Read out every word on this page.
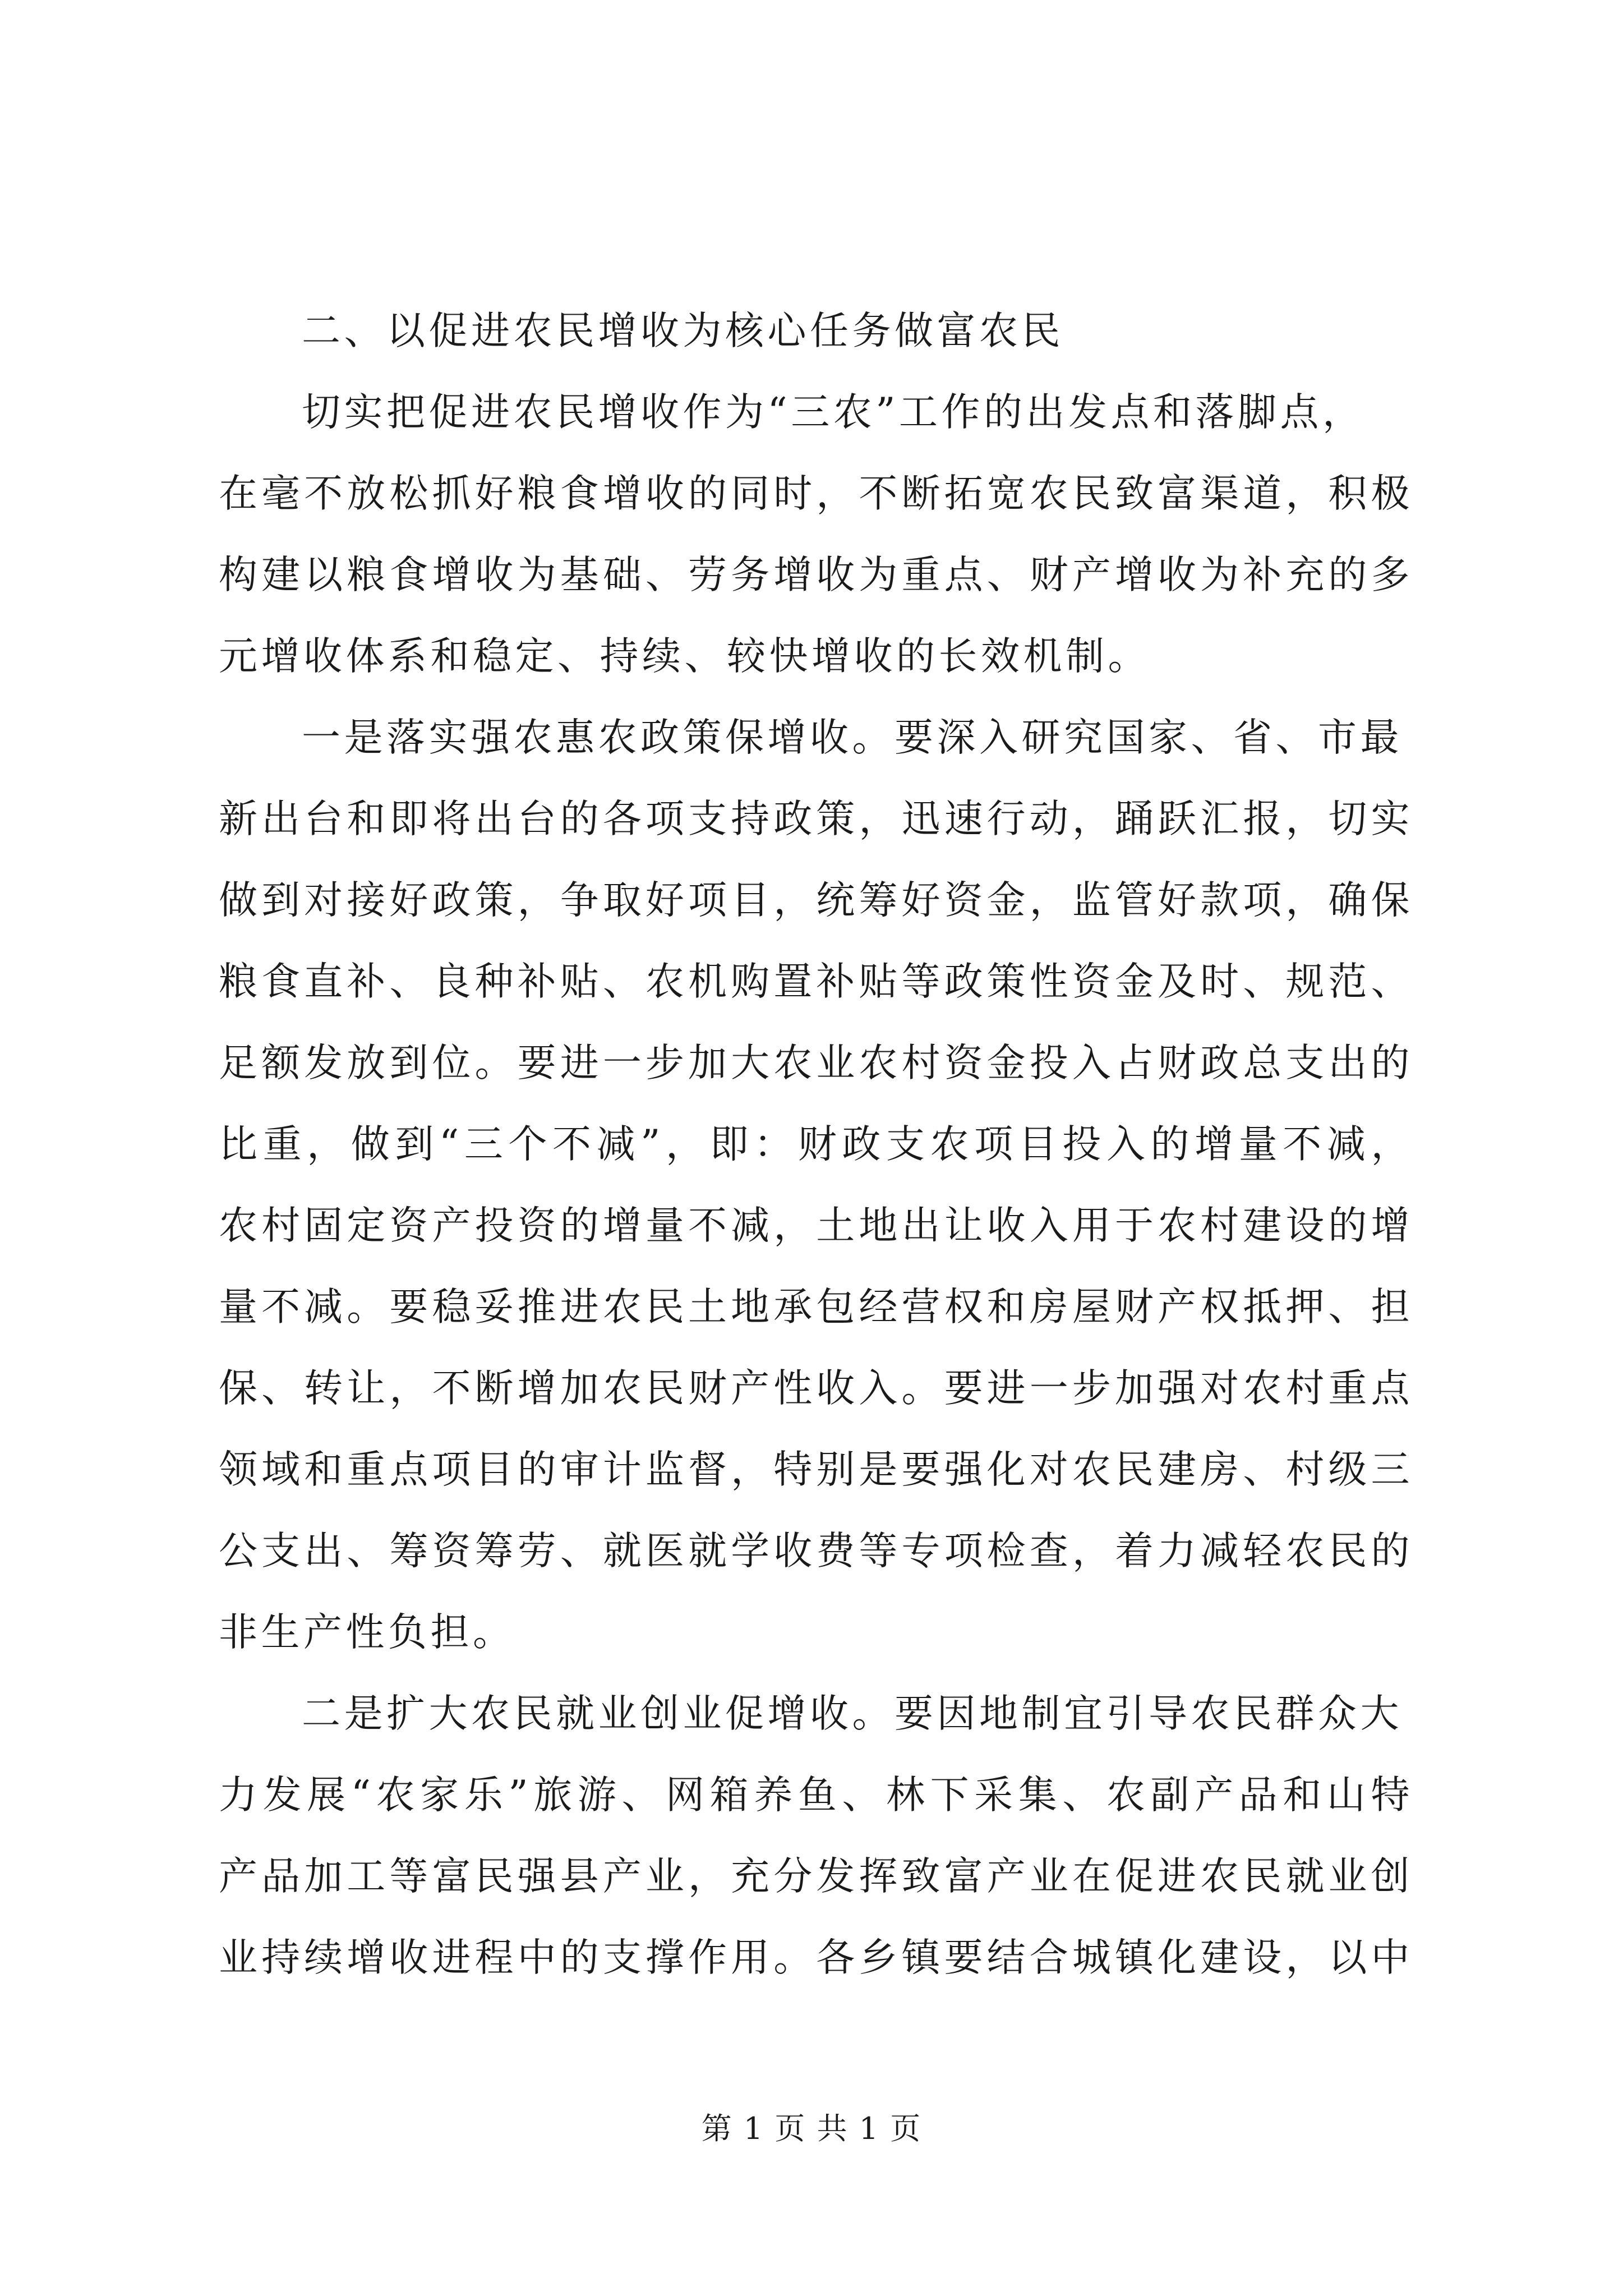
二、以促进农民增收为核心任务做富农民
切实把促进农民增收作为“三农”工作的出发点和落脚点，
在毫不放松抓好粮食增收的同时，不断拓宽农民致富渠道，积极
构建以粮食增收为基础、劳务增收为重点、财产增收为补充的多
元增收体系和稳定、持续、较快增收的长效机制。
一是落实强农惠农政策保增收。要深入研究国家、省、市最
新出台和即将出台的各项支持政策，迅速行动，踊跃汇报，切实
做到对接好政策，争取好项目，统筹好资金，监管好款项，确保
粮食直补、良种补贴、农机购置补贴等政策性资金及时、规范、
足额发放到位。要进一步加大农业农村资金投入占财政总支出的
比重，做到“三个不减”，即：财政支农项目投入的增量不减，
农村固定资产投资的增量不减，土地出让收入用于农村建设的增
量不减。要稳妥推进农民土地承包经营权和房屋财产权抵押、担
保、转让，不断增加农民财产性收入。要进一步加强对农村重点
领域和重点项目的审计监督，特别是要强化对农民建房、村级三
公支出、筹资筹劳、就医就学收费等专项检查，着力减轻农民的
非生产性负担。
二是扩大农民就业创业促增收。要因地制宜引导农民群众大
力发展“农家乐”旅游、网箱养鱼、林下采集、农副产品和山特
产品加工等富民强县产业，充分发挥致富产业在促进农民就业创
业持续增收进程中的支撑作用。各乡镇要结合城镇化建设，以中
第 1 页 共 1 页
